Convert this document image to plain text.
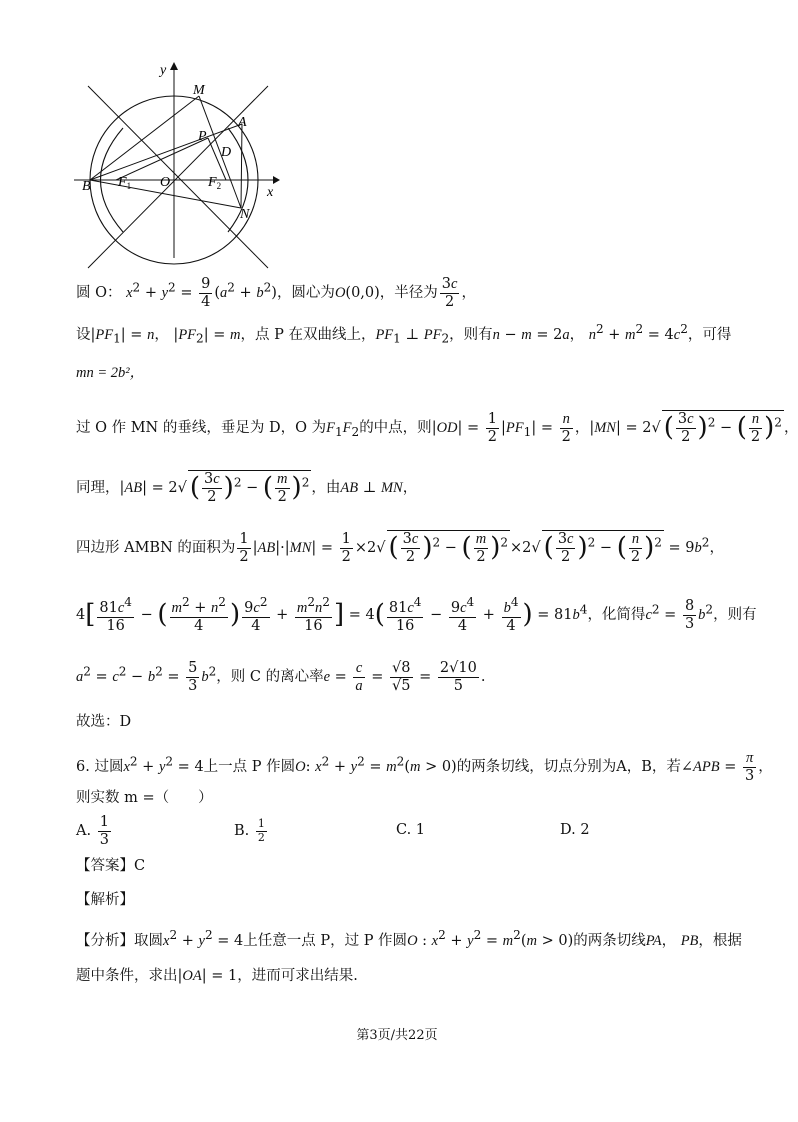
y
x
M
A
P
D
B $F_1$ O	$F_2$
N
圆 O： $x^2 + y^2 = \frac{9}{4} (a^2 + b^2)$，圆心为O(0,0)，半径为 $\frac{3c}{2}$ ，
设$|PF_1| = n$， $|PF_2| = m$，点 P 在双曲线上，$PF_1$ ⊥ $PF_2$，则有n − m = 2a， $n^2 + m^2 = 4c^2$，可得
mn = 2b²，
过 O 作 MN 的垂线，垂足为 D，O 为$F_1F_2$的中点，则$|OD| = \frac{1}{2} |PF_1| = \frac{n}{2}$ ，|MN| = 2√ ( $\frac{3c}{2} )^2$ − ( $\frac{n}{2} )^2$ ，
同理，|AB| = 2√ ( $\frac{3c}{2} )^2$ − ( $\frac{m}{2} )^2$ ，由AB ⊥ MN，
四边形 AMBN 的面积为 $\frac{1}{2} |AB|\cdot|MN| = \frac{1}{2} \times 2√$ ( $\frac{3c}{2} )^2$ − ( $\frac{m}{2} )^2 \times 2√$ ( $\frac{3c}{2} )^2$ − ( $\frac{n}{2} )^2 = 9b^2$，
$4[ \frac{81c^4}{16}$ − ( $\frac{m^2 + n^2}{4}$ ) $\frac{9c^2}{4} + \frac{m^2n^2}{16}$ ] = $4( \frac{81c^4}{16} - \frac{9c^4}{4} + \frac{b^4}{4}$ ) = $81b^4$，化简得$c^2 = \frac{8}{3} b^2$，则有
$a^2 = c^2 - b^2 = \frac{5}{3} b^2$，则 C 的离心率$e = \frac{c}{a} = \frac{√8}{√5} = \frac{2√10}{5}$ .
故选：D
6. 过圆$x^2 + y^2 = 4$上一点 P 作圆O: $x^2 + y^2 = m^2(m > 0)$的两条切线，切点分别为A，B，若∠APB = $\frac{\pi}{3}$ ，
则实数 m =（　　）
A. $\frac{1}{3}$	B. $\frac{1}{2}$	C. 1	D. 2
【答案】C
【解析】
【分析】取圆$x^2 + y^2 = 4$上任意一点 P，过 P 作圆O : $x^2 + y^2 = m^2(m > 0)$的两条切线PA， PB，根据
题中条件，求出|OA| = 1，进而可求出结果.
第3页/共22页
